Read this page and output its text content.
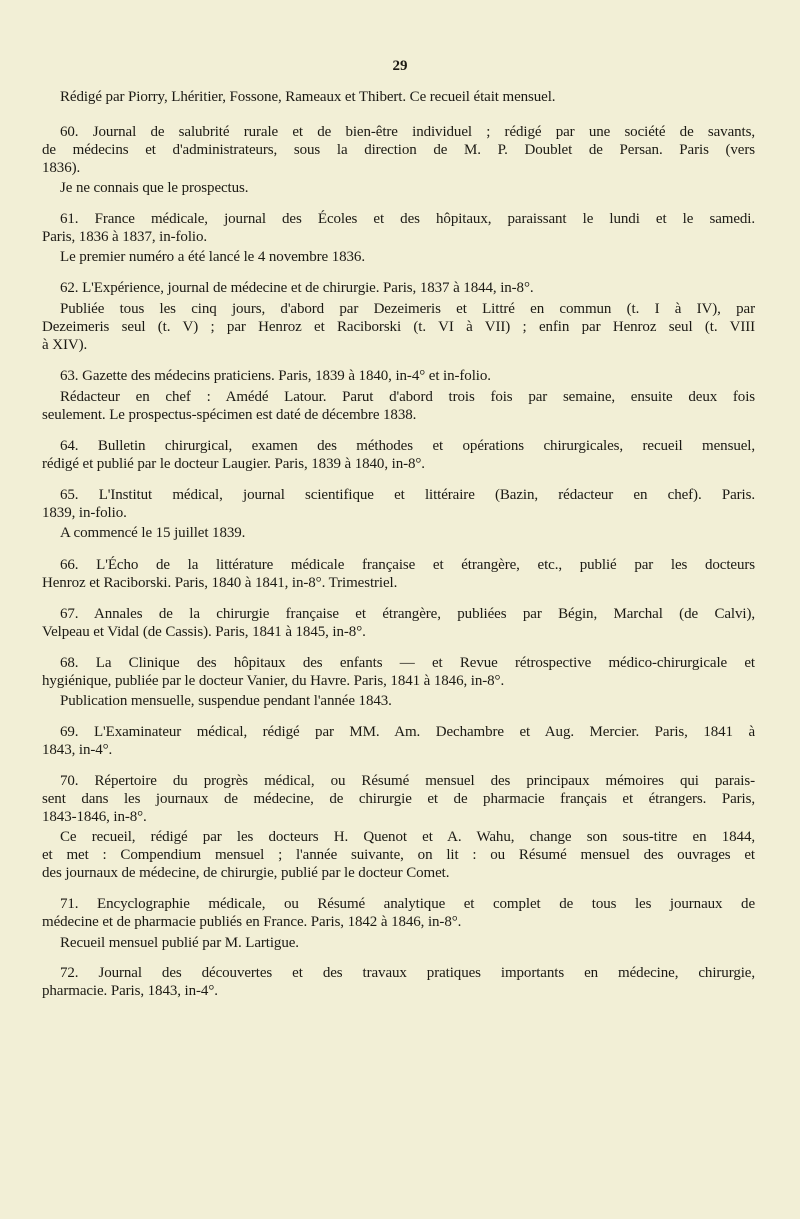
29
Rédigé par Piorry, Lhéritier, Fossone, Rameaux et Thibert. Ce recueil était mensuel.
60. Journal de salubrité rurale et de bien-être individuel ; rédigé par une société de savants,
de médecins et d'administrateurs, sous la direction de M. P. Doublet de Persan. Paris (vers
1836).
Je ne connais que le prospectus.
61. France médicale, journal des Écoles et des hôpitaux, paraissant le lundi et le samedi.
Paris, 1836 à 1837, in-folio.
Le premier numéro a été lancé le 4 novembre 1836.
62. L'Expérience, journal de médecine et de chirurgie. Paris, 1837 à 1844, in-8°.
Publiée tous les cinq jours, d'abord par Dezeimeris et Littré en commun (t. I à IV), par
Dezeimeris seul (t. V) ; par Henroz et Raciborski (t. VI à VII) ; enfin par Henroz seul (t. VIII
à XIV).
63. Gazette des médecins praticiens. Paris, 1839 à 1840, in-4° et in-folio.
Rédacteur en chef : Amédé Latour. Parut d'abord trois fois par semaine, ensuite deux fois
seulement. Le prospectus-spécimen est daté de décembre 1838.
64. Bulletin chirurgical, examen des méthodes et opérations chirurgicales, recueil mensuel,
rédigé et publié par le docteur Laugier. Paris, 1839 à 1840, in-8°.
65. L'Institut médical, journal scientifique et littéraire (Bazin, rédacteur en chef). Paris.
1839, in-folio.
A commencé le 15 juillet 1839.
66. L'Écho de la littérature médicale française et étrangère, etc., publié par les docteurs
Henroz et Raciborski. Paris, 1840 à 1841, in-8°. Trimestriel.
67. Annales de la chirurgie française et étrangère, publiées par Bégin, Marchal (de Calvi),
Velpeau et Vidal (de Cassis). Paris, 1841 à 1845, in-8°.
68. La Clinique des hôpitaux des enfants — et Revue rétrospective médico-chirurgicale et
hygiénique, publiée par le docteur Vanier, du Havre. Paris, 1841 à 1846, in-8°.
Publication mensuelle, suspendue pendant l'année 1843.
69. L'Examinateur médical, rédigé par MM. Am. Dechambre et Aug. Mercier. Paris, 1841 à
1843, in-4°.
70. Répertoire du progrès médical, ou Résumé mensuel des principaux mémoires qui parais-
sent dans les journaux de médecine, de chirurgie et de pharmacie français et étrangers. Paris,
1843-1846, in-8°.
Ce recueil, rédigé par les docteurs H. Quenot et A. Wahu, change son sous-titre en 1844,
et met : Compendium mensuel ; l'année suivante, on lit : ou Résumé mensuel des ouvrages et
des journaux de médecine, de chirurgie, publié par le docteur Comet.
71. Encyclographie médicale, ou Résumé analytique et complet de tous les journaux de
médecine et de pharmacie publiés en France. Paris, 1842 à 1846, in-8°.
Recueil mensuel publié par M. Lartigue.
72. Journal des découvertes et des travaux pratiques importants en médecine, chirurgie,
pharmacie. Paris, 1843, in-4°.
